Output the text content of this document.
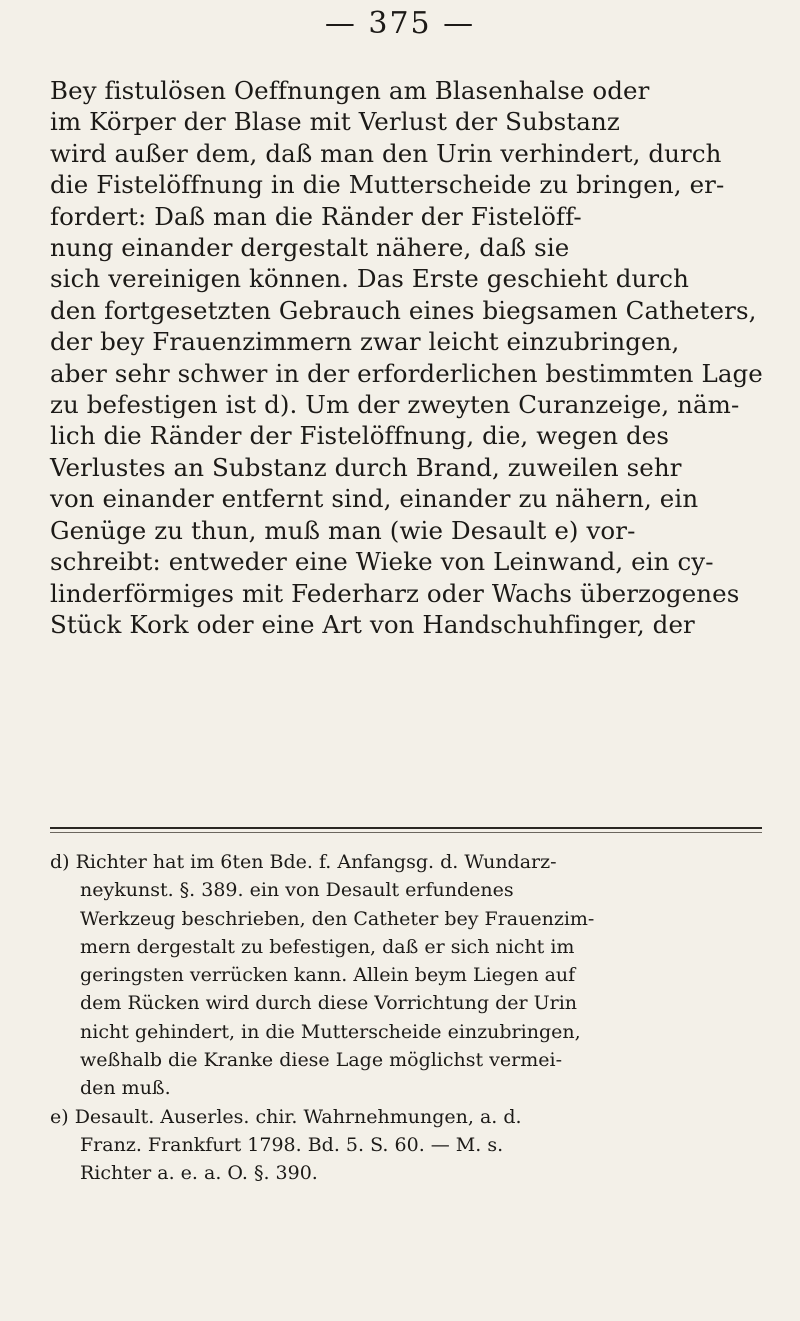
— 375 —
Bey fistulösen Oeffnungen am Blasenhalse oder
im Körper der Blase mit Verlust der Substanz
wird außer dem, daß man den Urin verhindert, durch
die Fistelöffnung in die Mutterscheide zu bringen, er-
fordert: Daß man die Ränder der Fistelöff-
nung einander dergestalt nähere, daß sie
sich vereinigen können. Das Erste geschieht durch
den fortgesetzten Gebrauch eines biegsamen Catheters,
der bey Frauenzimmern zwar leicht einzubringen,
aber sehr schwer in der erforderlichen bestimmten Lage
zu befestigen ist d). Um der zweyten Curanzeige, näm-
lich die Ränder der Fistelöffnung, die, wegen des
Verlustes an Substanz durch Brand, zuweilen sehr
von einander entfernt sind, einander zu nähern, ein
Genüge zu thun, muß man (wie Desault e) vor-
schreibt: entweder eine Wieke von Leinwand, ein cy-
linderförmiges mit Federharz oder Wachs überzogenes
Stück Kork oder eine Art von Handschuhfinger, der
d) Richter hat im 6ten Bde. f. Anfangsg. d. Wundarz-
neykunst. §. 389. ein von Desault erfundenes
Werkzeug beschrieben, den Catheter bey Frauenzim-
mern dergestalt zu befestigen, daß er sich nicht im
geringsten verrücken kann. Allein beym Liegen auf
dem Rücken wird durch diese Vorrichtung der Urin
nicht gehindert, in die Mutterscheide einzubringen,
weßhalb die Kranke diese Lage möglichst vermei-
den muß.
e) Desault. Auserles. chir. Wahrnehmungen, a. d.
Franz. Frankfurt 1798. Bd. 5. S. 60. — M. s.
Richter a. e. a. O. §. 390.
